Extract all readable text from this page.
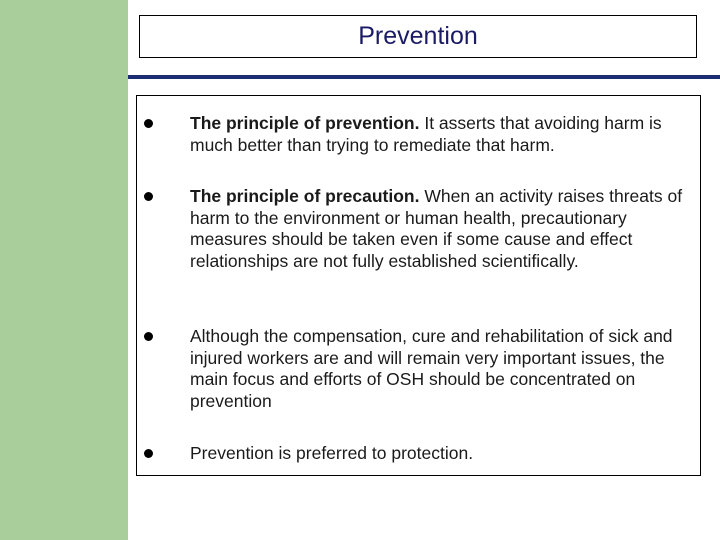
Prevention

The principle of prevention. It asserts that avoiding harm is much better than trying to remediate that harm.

The principle of precaution. When an activity raises threats of harm to the environment or human health, precautionary measures should be taken even if some cause and effect relationships are not fully established scientifically.

Although the compensation, cure and rehabilitation of sick and injured workers are and will remain very important issues, the main focus and efforts of OSH should be concentrated on prevention

Prevention is preferred to protection.
